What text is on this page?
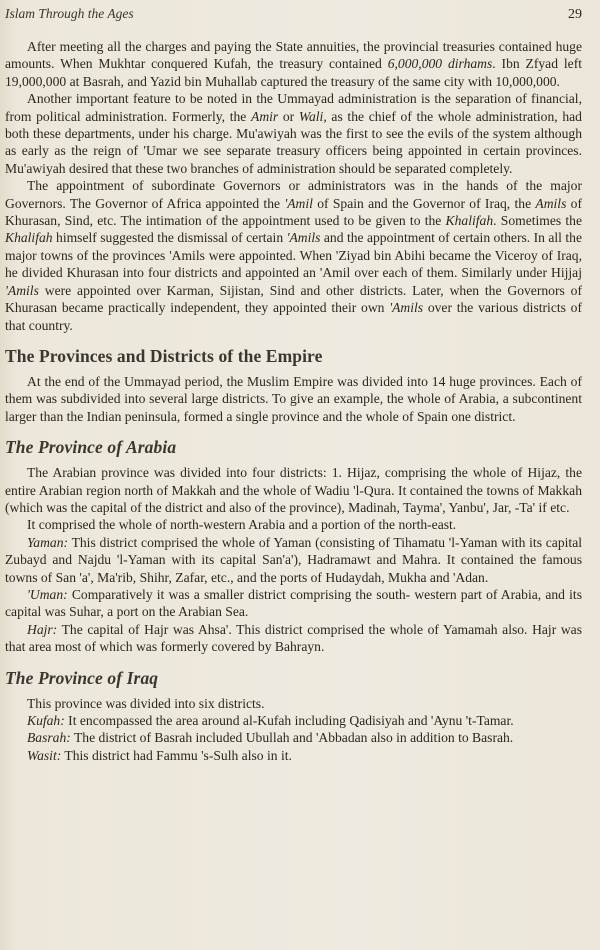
Islam Through the Ages	29

After meeting all the charges and paying the State annuities, the provincial treasuries contained huge amounts. When Mukhtar conquered Kufah, the treasury contained 6,000,000 dirhams. Ibn Zfyad left 19,000,000 at Basrah, and Yazid bin Muhallab captured the treasury of the same city with 10,000,000.

Another important feature to be noted in the Ummayad administration is the separation of financial, from political administration. Formerly, the Amir or Wali, as the chief of the whole administration, had both these departments, under his charge. Mu'awiyah was the first to see the evils of the system although as early as the reign of 'Umar we see separate treasury officers being appointed in certain provinces. Mu'awiyah desired that these two branches of administration should be separated completely.

The appointment of subordinate Governors or administrators was in the hands of the major Governors. The Governor of Africa appointed the 'Amil of Spain and the Governor of Iraq, the Amils of Khurasan, Sind, etc. The intimation of the appointment used to be given to the Khalifah. Sometimes the Khalifah himself suggested the dismissal of certain 'Amils and the appointment of certain others. In all the major towns of the provinces 'Amils were appointed. When 'Ziyad bin Abihi became the Viceroy of Iraq, he divided Khurasan into four districts and appointed an 'Amil over each of them. Similarly under Hijjaj 'Amils were appointed over Karman, Sijistan, Sind and other districts. Later, when the Governors of Khurasan became practically independent, they appointed their own 'Amils over the various districts of that country.

The Provinces and Districts of the Empire

At the end of the Ummayad period, the Muslim Empire was divided into 14 huge provinces. Each of them was subdivided into several large districts. To give an example, the whole of Arabia, a subcontinent larger than the Indian peninsula, formed a single province and the whole of Spain one district.

The Province of Arabia

The Arabian province was divided into four districts: 1. Hijaz, comprising the whole of Hijaz, the entire Arabian region north of Makkah and the whole of Wadiu 'l-Qura. It contained the towns of Makkah (which was the capital of the district and also of the province), Madinah, Tayma', Yanbu', Jar, -Ta' if etc.

It comprised the whole of north-western Arabia and a portion of the north-east.

Yaman: This district comprised the whole of Yaman (consisting of Tihamatu 'l-Yaman with its capital Zubayd and Najdu 'l-Yaman with its capital San'a'), Hadramawt and Mahra. It contained the famous towns of San 'a', Ma'rib, Shihr, Zafar, etc., and the ports of Hudaydah, Mukha and 'Adan.

'Uman: Comparatively it was a smaller district comprising the south- western part of Arabia, and its capital was Suhar, a port on the Arabian Sea.

Hajr: The capital of Hajr was Ahsa'. This district comprised the whole of Yamamah also. Hajr was that area most of which was formerly covered by Bahrayn.

The Province of Iraq

This province was divided into six districts.

Kufah: It encompassed the area around al-Kufah including Qadisiyah and 'Aynu 't-Tamar.

Basrah: The district of Basrah included Ubullah and 'Abbadan also in addition to Basrah.

Wasit: This district had Fammu 's-Sulh also in it.
